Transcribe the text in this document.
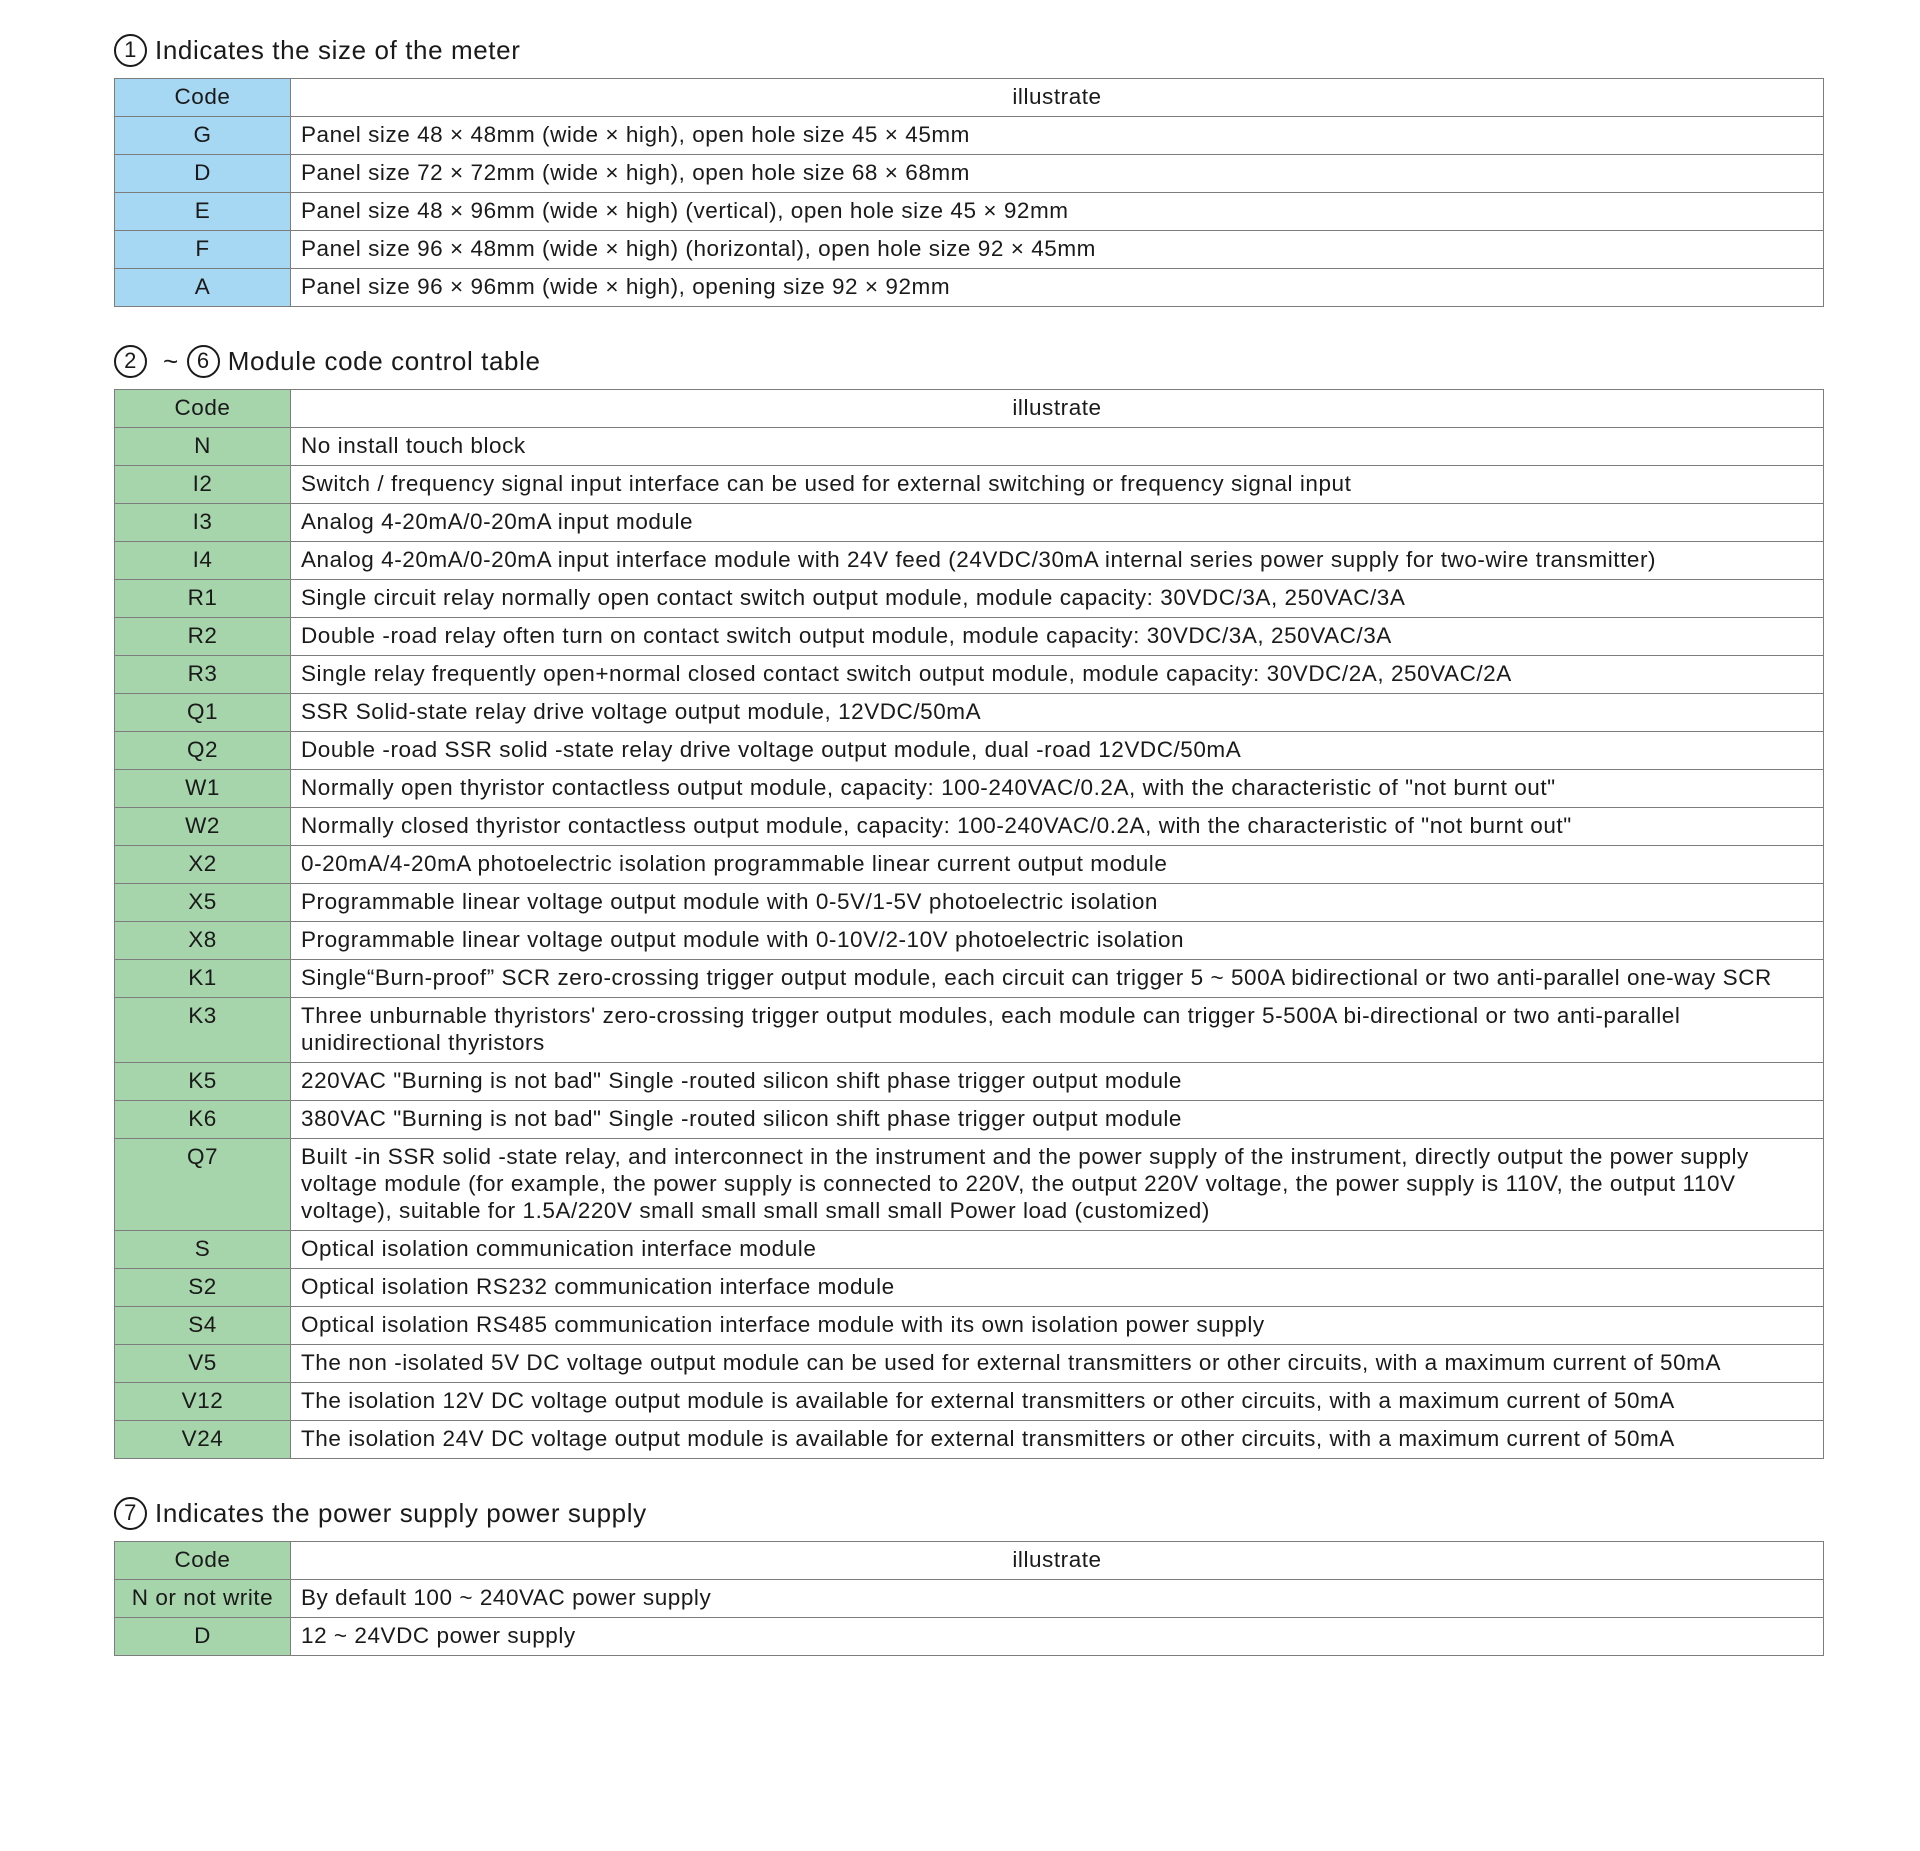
1 Indicates the size of the meter
Code	illustrate
G	Panel size 48 × 48mm (wide × high), open hole size 45 × 45mm
D	Panel size 72 × 72mm (wide × high), open hole size 68 × 68mm
E	Panel size 48 × 96mm (wide × high) (vertical), open hole size 45 × 92mm
F	Panel size 96 × 48mm (wide × high) (horizontal), open hole size 92 × 45mm
A	Panel size 96 × 96mm (wide × high), opening size 92 × 92mm
2	~ 6 Module code control table
Code	illustrate
N	No install touch block
I2	Switch / frequency signal input interface can be used for external switching or frequency signal input
I3	Analog 4-20mA/0-20mA input module
I4	Analog 4-20mA/0-20mA input interface module with 24V feed (24VDC/30mA internal series power supply for two-wire transmitter)
R1	Single circuit relay normally open contact switch output module, module capacity: 30VDC/3A, 250VAC/3A
R2	Double -road relay often turn on contact switch output module, module capacity: 30VDC/3A, 250VAC/3A
R3	Single relay frequently open+normal closed contact switch output module, module capacity: 30VDC/2A, 250VAC/2A
Q1	SSR Solid-state relay drive voltage output module, 12VDC/50mA
Q2	Double -road SSR solid -state relay drive voltage output module, dual -road 12VDC/50mA
W1	Normally open thyristor contactless output module, capacity: 100-240VAC/0.2A, with the characteristic of "not burnt out"
W2	Normally closed thyristor contactless output module, capacity: 100-240VAC/0.2A, with the characteristic of "not burnt out"
X2	0-20mA/4-20mA photoelectric isolation programmable linear current output module
X5	Programmable linear voltage output module with 0-5V/1-5V photoelectric isolation
X8	Programmable linear voltage output module with 0-10V/2-10V photoelectric isolation
K1	Single“Burn-proof” SCR zero-crossing trigger output module, each circuit can trigger 5 ~ 500A bidirectional or two anti-parallel one-way SCR
K3	Three unburnable thyristors' zero-crossing trigger output modules, each module can trigger 5-500A bi-directional or two anti-parallel unidirectional thyristors
K5	220VAC "Burning is not bad" Single -routed silicon shift phase trigger output module
K6	380VAC "Burning is not bad" Single -routed silicon shift phase trigger output module
Q7	Built -in SSR solid -state relay, and interconnect in the instrument and the power supply of the instrument, directly output the power supply voltage module (for example, the power supply is connected to 220V, the output 220V voltage, the power supply is 110V, the output 110V voltage), suitable for 1.5A/220V small small small small small Power load (customized)
S	Optical isolation communication interface module
S2	Optical isolation RS232 communication interface module
S4	Optical isolation RS485 communication interface module with its own isolation power supply
V5	The non -isolated 5V DC voltage output module can be used for external transmitters or other circuits, with a maximum current of 50mA
V12	The isolation 12V DC voltage output module is available for external transmitters or other circuits, with a maximum current of 50mA
V24	The isolation 24V DC voltage output module is available for external transmitters or other circuits, with a maximum current of 50mA
7 Indicates the power supply power supply
Code	illustrate
N or not write	By default 100 ~ 240VAC power supply
D	12 ~ 24VDC power supply
